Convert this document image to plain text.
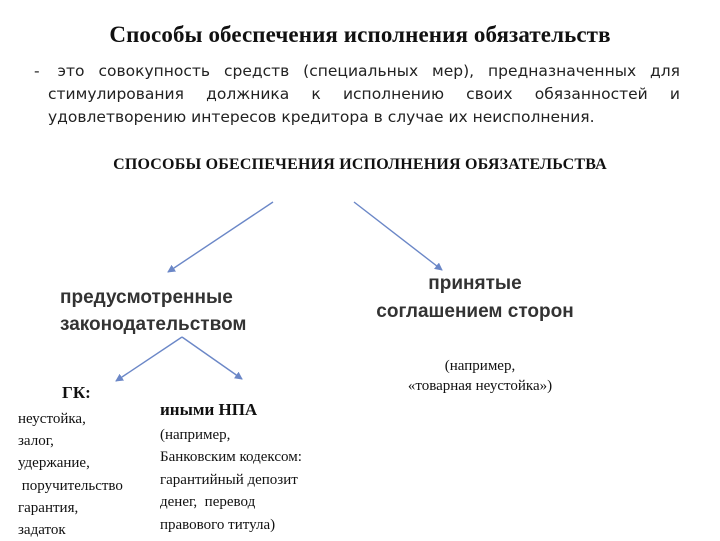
Способы обеспечения исполнения обязательств
- это совокупность средств (специальных мер), предназначенных для стимулирования должника к исполнению своих обязанностей и удовлетворению интересов кредитора в случае их неисполнения.
СПОСОБЫ ОБЕСПЕЧЕНИЯ ИСПОЛНЕНИЯ ОБЯЗАТЕЛЬСТВА
предусмотренные
законодательством
принятые
соглашением сторон
(например,
«товарная неустойка»)
ГК:
неустойка,
залог,
удержание,
поручительство
гарантия,
задаток
иными НПА
(например,
Банковским кодексом:
гарантийный депозит
денег,  перевод
правового титула)
